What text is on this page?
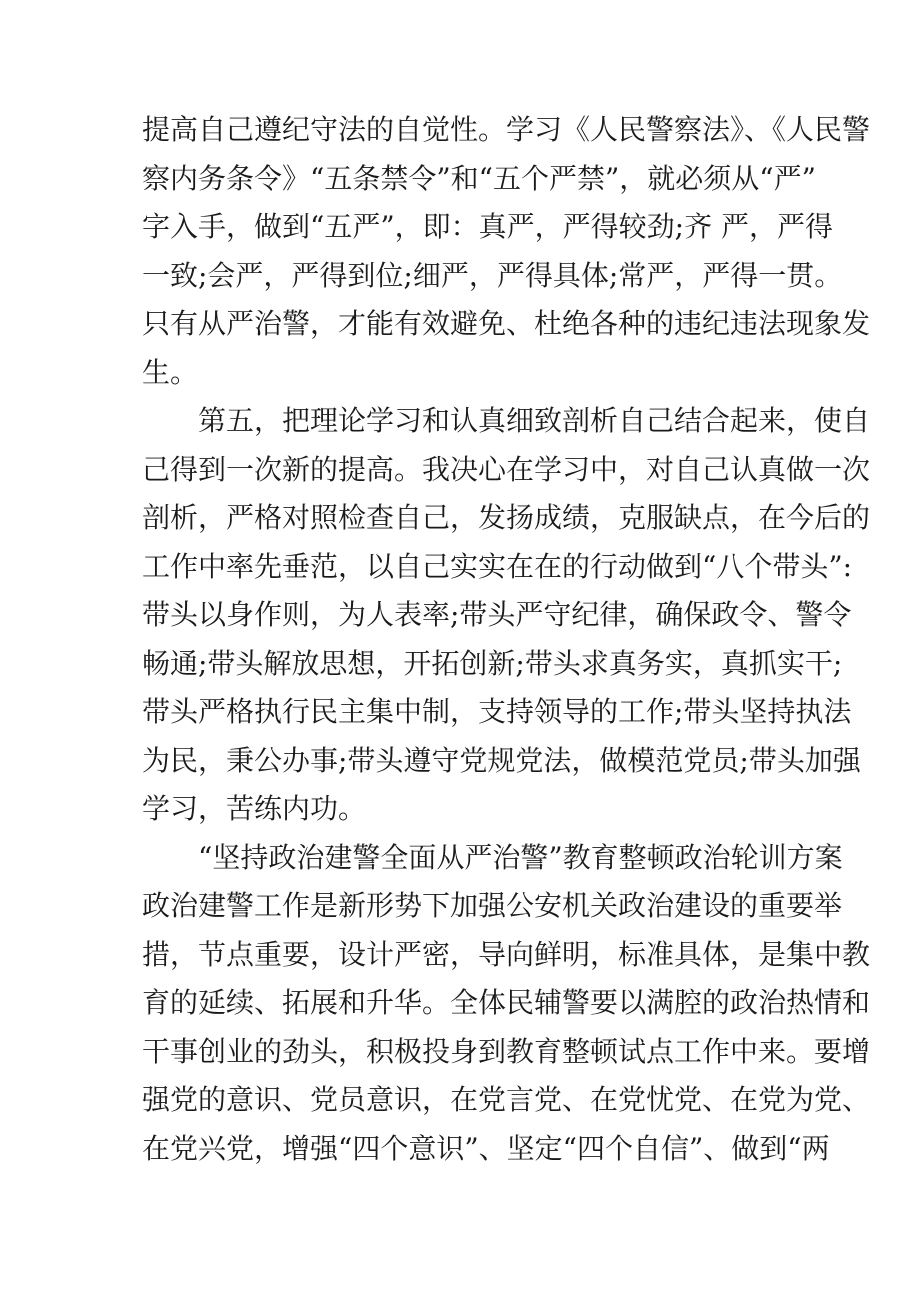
提高自己遵纪守法的自觉性。学习《人民警察法》、《人民警
察内务条令》“五条禁令”和“五个严禁”，就必须从“严”
字入手，做到“五严”，即：真严，严得较劲;齐 严，严得
一致;会严，严得到位;细严，严得具体;常严，严得一贯。
只有从严治警，才能有效避免、杜绝各种的违纪违法现象发
生。
第五，把理论学习和认真细致剖析自己结合起来，使自
己得到一次新的提高。我决心在学习中，对自己认真做一次
剖析，严格对照检查自己，发扬成绩，克服缺点，在今后的
工作中率先垂范，以自己实实在在的行动做到“八个带头”:
带头以身作则，为人表率;带头严守纪律，确保政令、警令
畅通;带头解放思想，开拓创新;带头求真务实，真抓实干;
带头严格执行民主集中制，支持领导的工作;带头坚持执法
为民，秉公办事;带头遵守党规党法，做模范党员;带头加强
学习，苦练内功。
“坚持政治建警全面从严治警”教育整顿政治轮训方案
政治建警工作是新形势下加强公安机关政治建设的重要举
措，节点重要，设计严密，导向鲜明，标准具体，是集中教
育的延续、拓展和升华。全体民辅警要以满腔的政治热情和
干事创业的劲头，积极投身到教育整顿试点工作中来。要增
强党的意识、党员意识，在党言党、在党忧党、在党为党、
在党兴党，增强“四个意识”、坚定“四个自信”、做到“两
